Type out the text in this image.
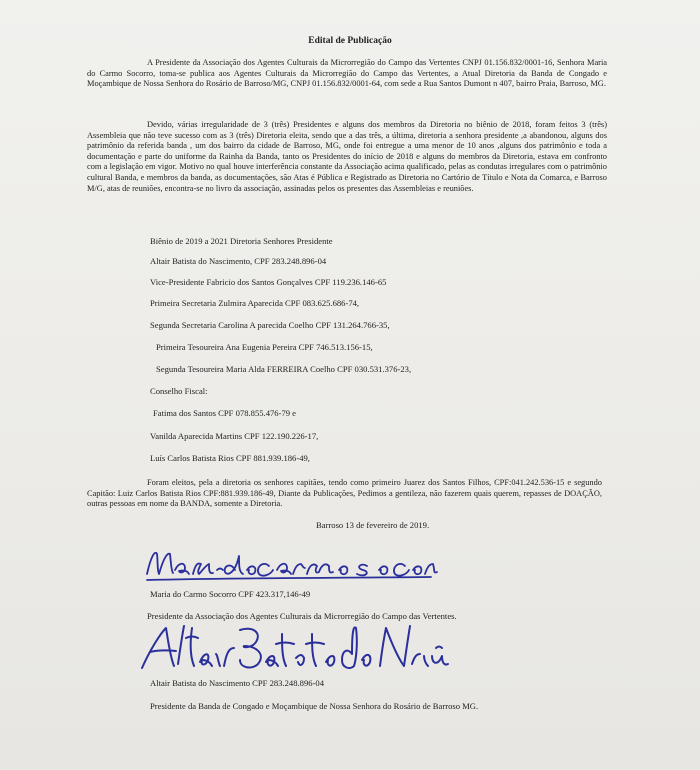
Edital de Publicação

A Presidente da Associação dos Agentes Culturais da Microrregião do Campo das Vertentes CNPJ 01.156.832/0001-16, Senhora Maria do Carmo Socorro, toma-se publica aos Agentes Culturais da Microrregião do Campo das Vertentes, a Atual Diretoria da Banda de Congado e Moçambique de Nossa Senhora do Rosário de Barroso/MG, CNPJ 01.156.832/0001-64, com sede a Rua Santos Dumont n 407, bairro Praia, Barroso, MG.

Devido, várias irregularidade de 3 (três) Presidentes e alguns dos membros da Diretoria no biênio de 2018, foram feitos 3 (três) Assembleia que não teve sucesso com as 3 (três) Diretoria eleita, sendo que a das três, a última, diretoria a senhora presidente ,a abandonou, alguns dos patrimônio da referida banda , um dos bairro da cidade de Barroso, MG, onde foi entregue a uma menor de 10 anos ,alguns dos patrimônio e toda a documentação e parte do uniforme da Rainha da Banda, tanto os Presidentes do início de 2018 e alguns do membros da Diretoria, estava em confronto com a legislação em vigor. Motivo no qual houve interferência constante da Associação acima qualificado, pelas as condutas irregulares com o patrimônio cultural Banda, e membros da banda, as documentações, são Atas é Pública e Registrado as Diretoria no Cartório de Título e Nota da Comarca, e Barroso M/G, atas de reuniões, encontra-se no livro da associação, assinadas pelos os presentes das Assembleias e reuniões.

Biênio de 2019 a 2021 Diretoria Senhores Presidente
Altair Batista do Nascimento, CPF 283.248.896-04
Vice-Presidente Fabricio dos Santos Gonçalves CPF 119.236.146-65
Primeira Secretaria Zulmira Aparecida CPF 083.625.686-74,
Segunda Secretaria Carolina A parecida Coelho CPF 131.264.766-35,
Primeira Tesoureira Ana Eugenia Pereira CPF 746.513.156-15,
Segunda Tesoureira Maria Alda FERREIRA Coelho CPF 030.531.376-23,
Conselho Fiscal:
Fatima dos Santos CPF 078.855.476-79 e
Vanilda Aparecida Martins CPF 122.190.226-17,
Luís Carlos Batista Rios CPF 881.939.186-49,

Foram eleitos, pela a diretoria os senhores capitães, tendo como primeiro Juarez dos Santos Filhos, CPF:041.242.536-15 e segundo Capitão: Luiz Carlos Batista Rios CPF:881.939.186-49, Diante da Publicações, Pedimos a gentileza, não fazerem quais querem, repasses de DOAÇÃO, outras pessoas em nome da BANDA, somente a Diretoria.

Barroso 13 de fevereiro de 2019.
Maria do Carmo Socorro CPF 423.317,146-49
Presidente da Associação dos Agentes Culturais da Microrregião do Campo das Vertentes.
Altair Batista do Nascimento CPF 283.248.896-04
Presidente da Banda de Congado e Moçambique de Nossa Senhora do Rosário de Barroso MG.
